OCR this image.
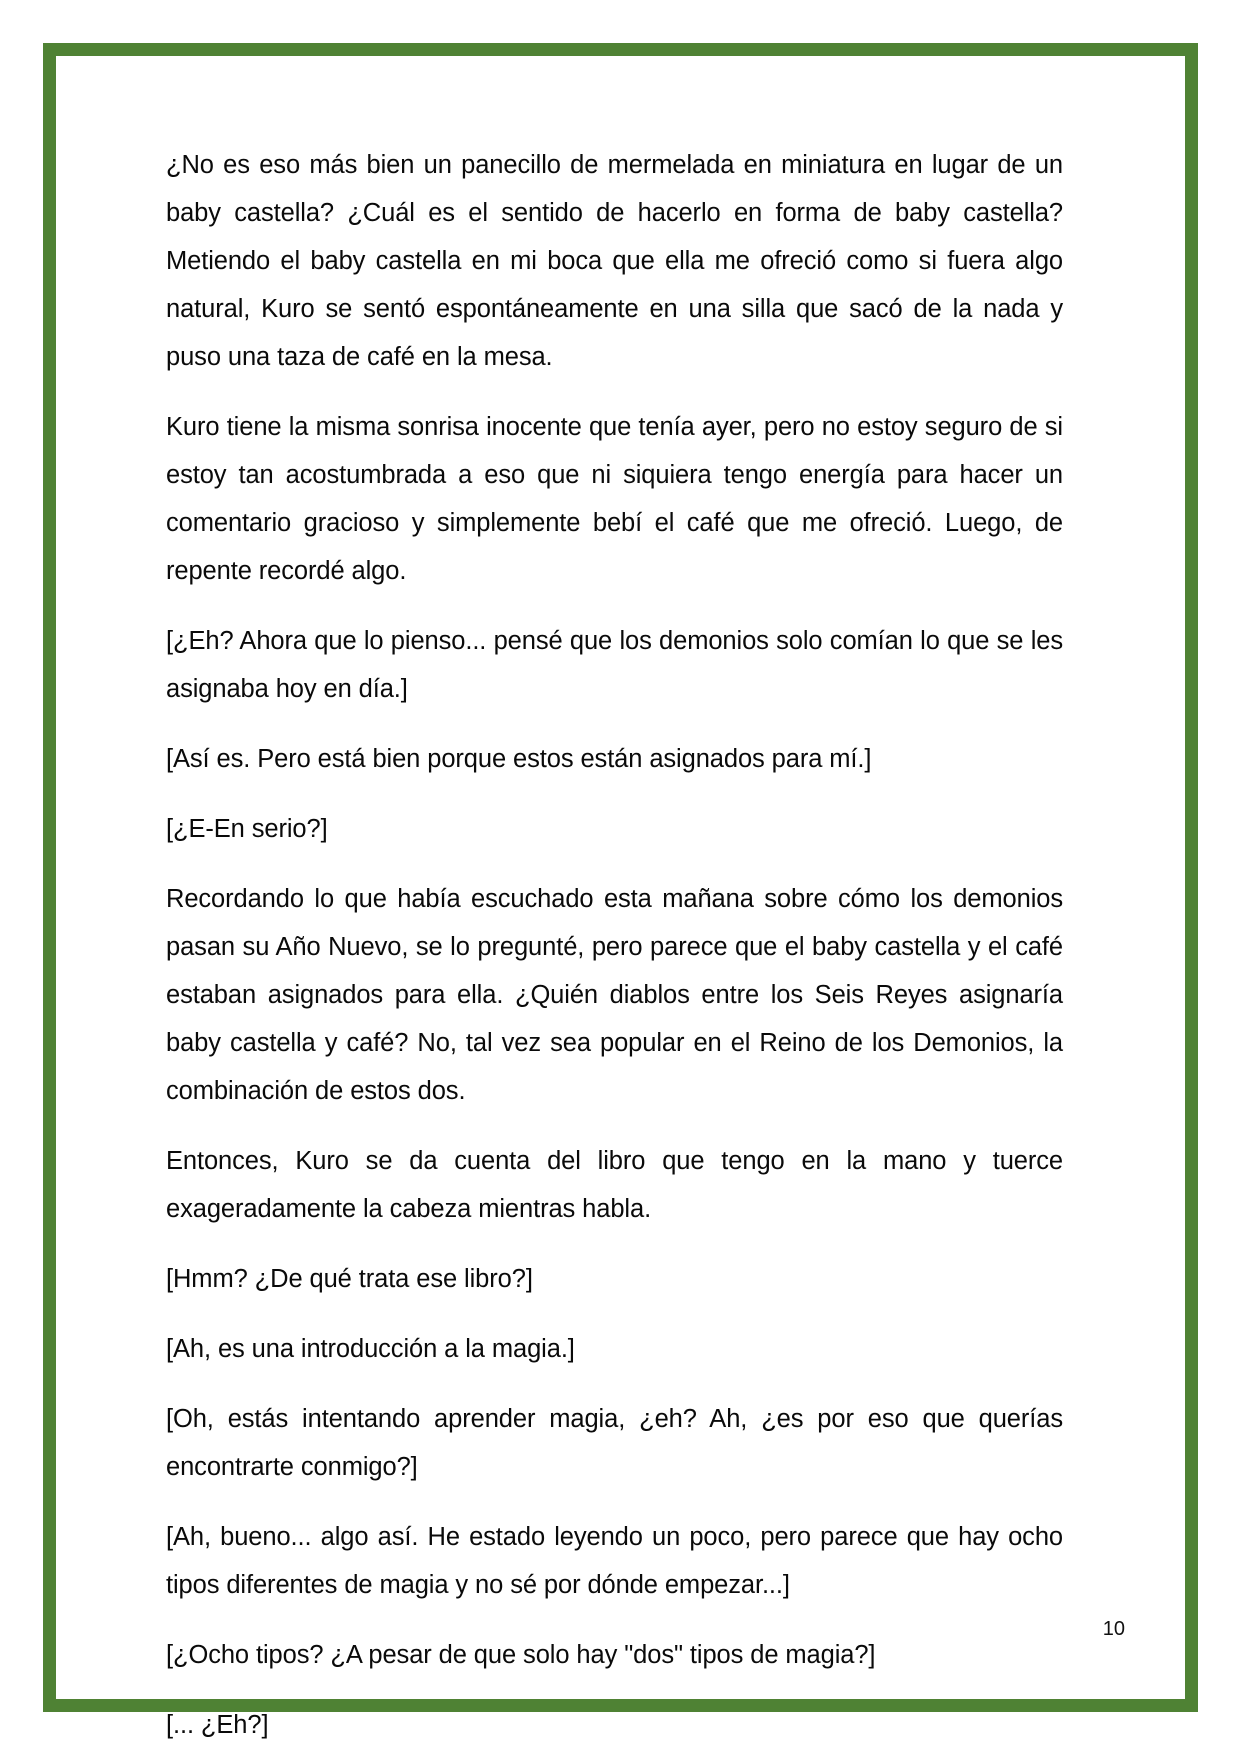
¿No es eso más bien un panecillo de mermelada en miniatura en lugar de un baby castella? ¿Cuál es el sentido de hacerlo en forma de baby castella? Metiendo el baby castella en mi boca que ella me ofreció como si fuera algo natural, Kuro se sentó espontáneamente en una silla que sacó de la nada y puso una taza de café en la mesa.

Kuro tiene la misma sonrisa inocente que tenía ayer, pero no estoy seguro de si estoy tan acostumbrada a eso que ni siquiera tengo energía para hacer un comentario gracioso y simplemente bebí el café que me ofreció. Luego, de repente recordé algo.

[¿Eh? Ahora que lo pienso... pensé que los demonios solo comían lo que se les asignaba hoy en día.]

[Así es. Pero está bien porque estos están asignados para mí.]

[¿E-En serio?]

Recordando lo que había escuchado esta mañana sobre cómo los demonios pasan su Año Nuevo, se lo pregunté, pero parece que el baby castella y el café estaban asignados para ella. ¿Quién diablos entre los Seis Reyes asignaría baby castella y café? No, tal vez sea popular en el Reino de los Demonios, la combinación de estos dos.

Entonces, Kuro se da cuenta del libro que tengo en la mano y tuerce exageradamente la cabeza mientras habla.

[Hmm? ¿De qué trata ese libro?]

[Ah, es una introducción a la magia.]

[Oh, estás intentando aprender magia, ¿eh? Ah, ¿es por eso que querías encontrarte conmigo?]

[Ah, bueno... algo así. He estado leyendo un poco, pero parece que hay ocho tipos diferentes de magia y no sé por dónde empezar...]

[¿Ocho tipos? ¿A pesar de que solo hay "dos" tipos de magia?]

[... ¿Eh?]

10
